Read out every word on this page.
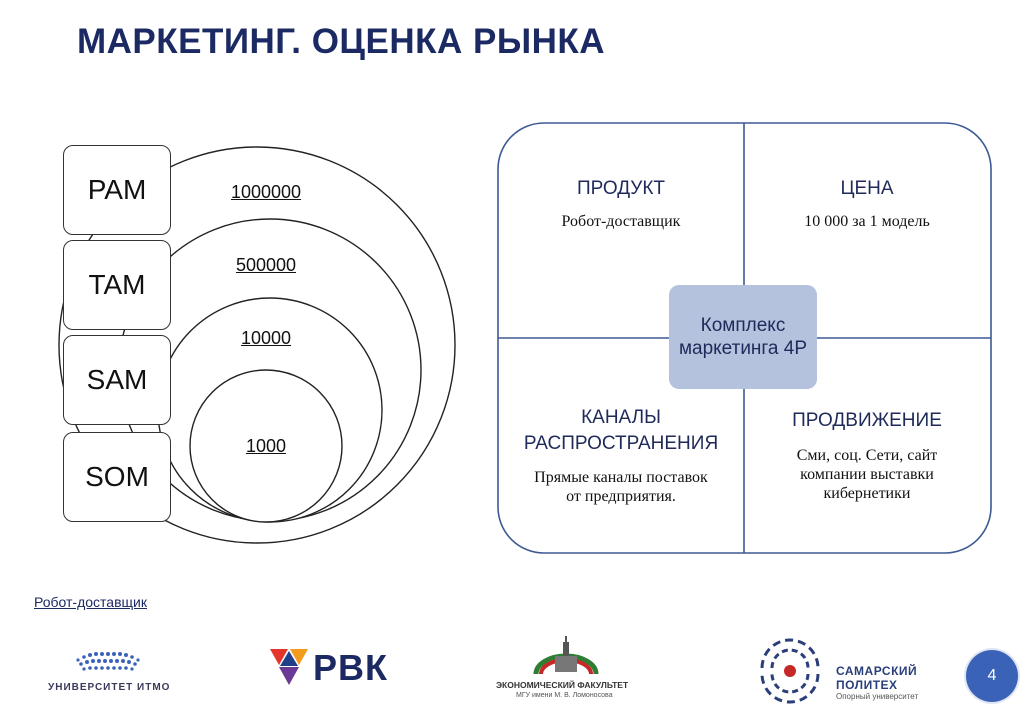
МАРКЕТИНГ. ОЦЕНКА РЫНКА
PAM
TAM
SAM
SOM
1000000
500000
10000
1000
ПРОДУКТ
Робот-доставщик
ЦЕНА
10 000 за 1 модель
КАНАЛЫ
РАСПРОСТРАНЕНИЯ
Прямые каналы поставок
от предприятия.
ПРОДВИЖЕНИЕ
Сми, соц. Сети, сайт
компании выставки
кибернетики
Комплекс маркетинга 4P
Робот-доставщик
УНИВЕРСИТЕТ ИТМО	РВК	ЭКОНОМИЧЕСКИЙ ФАКУЛЬТЕТ
МГУ имени М. В. Ломоносова
САМАРСКИЙ
ПОЛИТЕХ
Опорный университет
4
